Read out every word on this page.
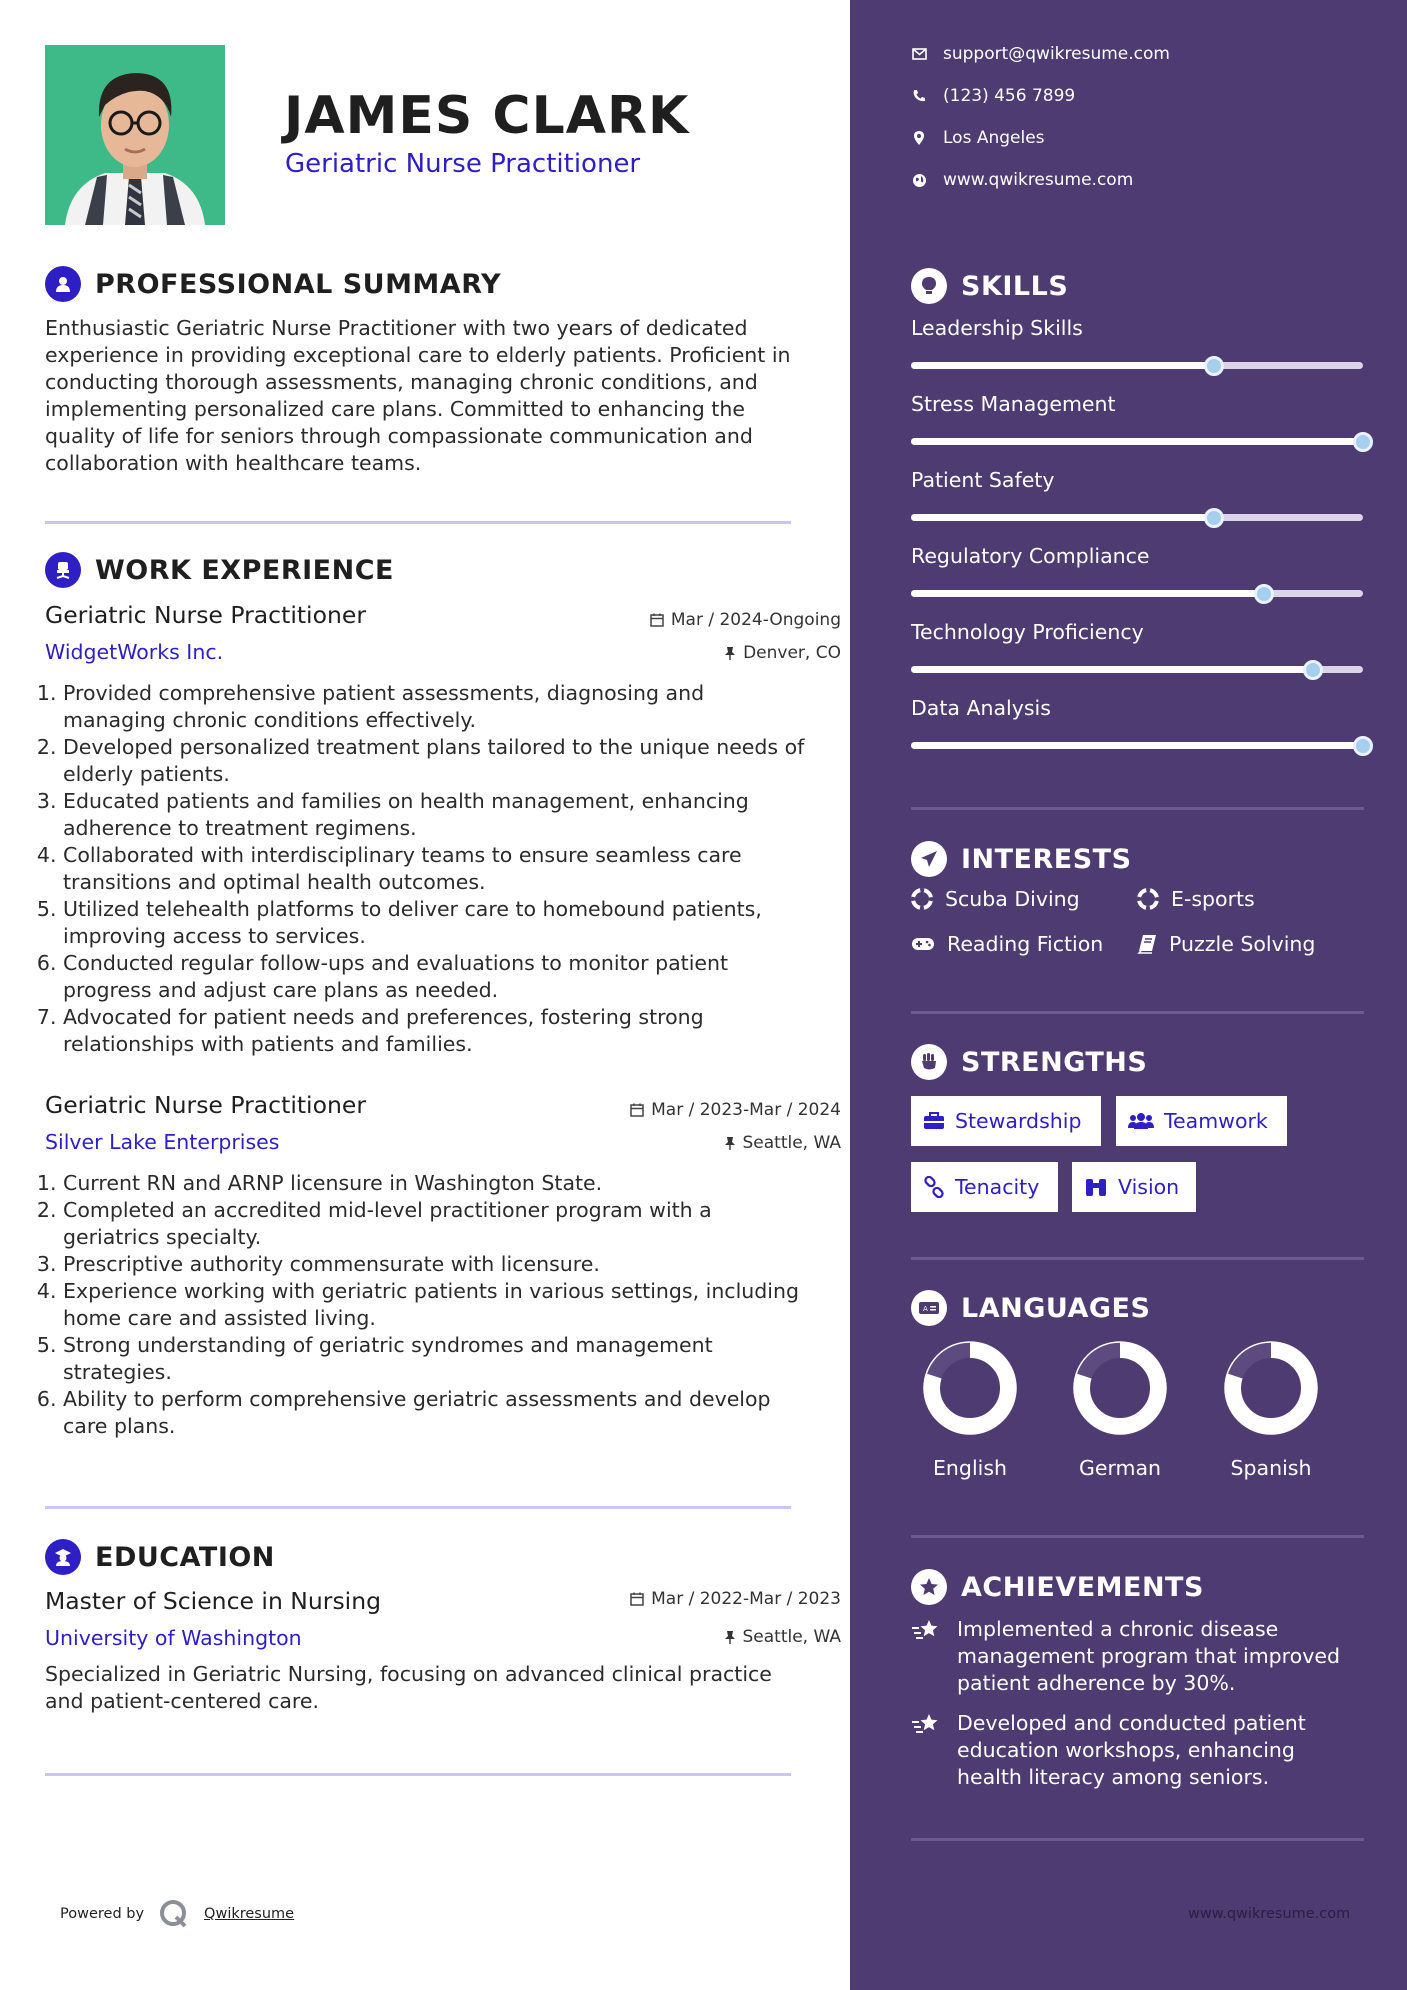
JAMES CLARK
Geriatric Nurse Practitioner
support@qwikresume.com
(123) 456 7899
Los Angeles
www.qwikresume.com
PROFESSIONAL SUMMARY
Enthusiastic Geriatric Nurse Practitioner with two years of dedicated experience in providing exceptional care to elderly patients. Proficient in conducting thorough assessments, managing chronic conditions, and implementing personalized care plans. Committed to enhancing the quality of life for seniors through compassionate communication and collaboration with healthcare teams.
WORK EXPERIENCE
Geriatric Nurse Practitioner	Mar / 2024-Ongoing
WidgetWorks Inc.	Denver, CO
1. Provided comprehensive patient assessments, diagnosing and managing chronic conditions effectively.
2. Developed personalized treatment plans tailored to the unique needs of elderly patients.
3. Educated patients and families on health management, enhancing adherence to treatment regimens.
4. Collaborated with interdisciplinary teams to ensure seamless care transitions and optimal health outcomes.
5. Utilized telehealth platforms to deliver care to homebound patients, improving access to services.
6. Conducted regular follow-ups and evaluations to monitor patient progress and adjust care plans as needed.
7. Advocated for patient needs and preferences, fostering strong relationships with patients and families.
Geriatric Nurse Practitioner	Mar / 2023-Mar / 2024
Silver Lake Enterprises	Seattle, WA
1. Current RN and ARNP licensure in Washington State.
2. Completed an accredited mid-level practitioner program with a geriatrics specialty.
3. Prescriptive authority commensurate with licensure.
4. Experience working with geriatric patients in various settings, including home care and assisted living.
5. Strong understanding of geriatric syndromes and management strategies.
6. Ability to perform comprehensive geriatric assessments and develop care plans.
EDUCATION
Master of Science in Nursing	Mar / 2022-Mar / 2023
University of Washington	Seattle, WA
Specialized in Geriatric Nursing, focusing on advanced clinical practice and patient-centered care.
Powered by	Qwikresume
SKILLS
Leadership Skills
Stress Management
Patient Safety
Regulatory Compliance
Technology Proficiency
Data Analysis
INTERESTS
Scuba Diving	E-sports
Reading Fiction	Puzzle Solving
STRENGTHS
Stewardship	Teamwork
Tenacity	Vision
A LANGUAGES
English	German	Spanish
ACHIEVEMENTS
Implemented a chronic disease management program that improved patient adherence by 30%.
Developed and conducted patient education workshops, enhancing health literacy among seniors.
www.qwikresume.com
